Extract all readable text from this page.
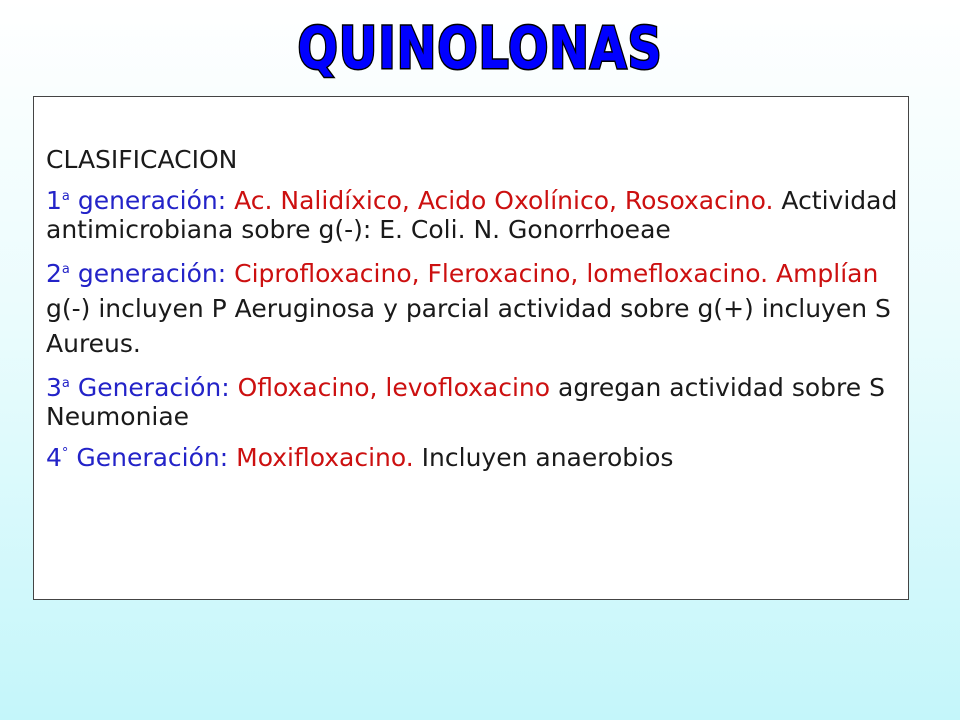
QUINOLONAS
CLASIFICACION
1$^a$ generación: Ac. Nalidíxico, Acido Oxolínico, Rosoxacino. Actividad antimicrobiana sobre g(-): E. Coli. N. Gonorrhoeae
2$^a$ generación: Ciprofloxacino, Fleroxacino, lomefloxacino. Amplían g(-) incluyen P Aeruginosa y parcial actividad sobre g(+) incluyen S Aureus.
3$^a$ Generación: Ofloxacino, levofloxacino agregan actividad sobre S Neumoniae
4° Generación: Moxifloxacino. Incluyen anaerobios
